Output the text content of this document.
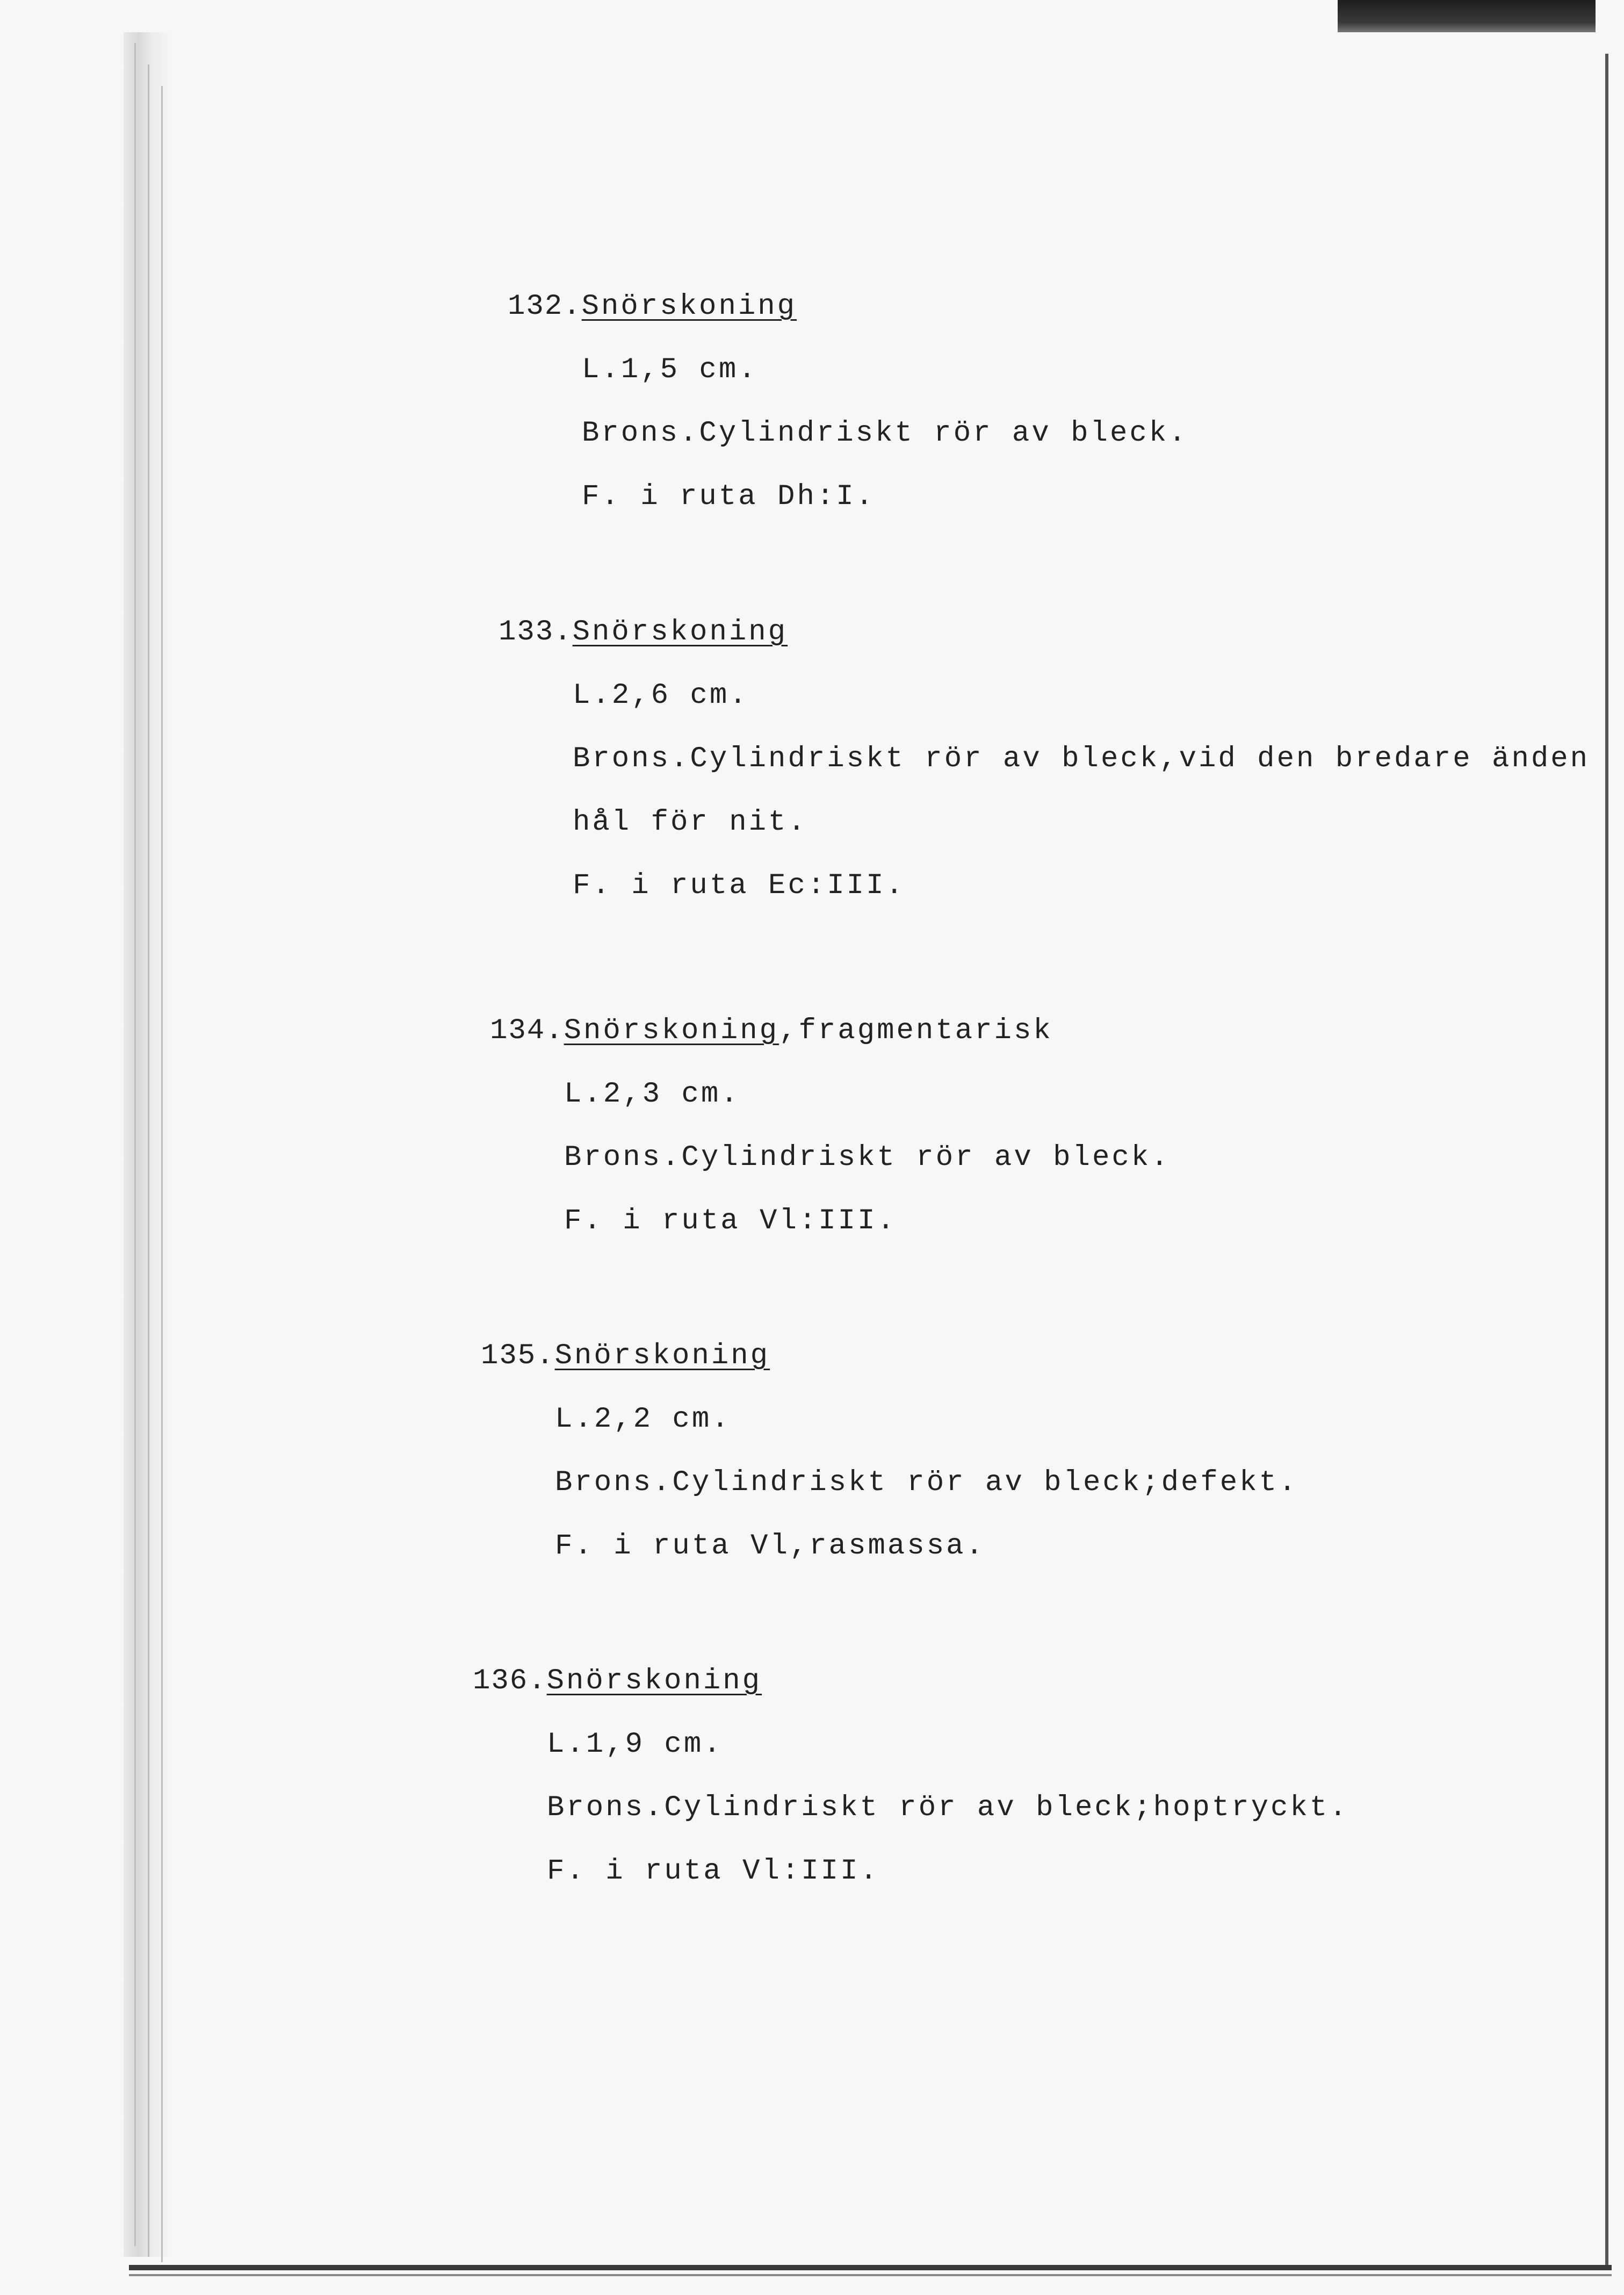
132.Snörskoning
L.1,5 cm.
Brons.Cylindriskt rör av bleck.
F. i ruta Dh:I.
133.Snörskoning
L.2,6 cm.
Brons.Cylindriskt rör av bleck,vid den bredare änden
hål för nit.
F. i ruta Ec:III.
134.Snörskoning,fragmentarisk
L.2,3 cm.
Brons.Cylindriskt rör av bleck.
F. i ruta Vl:III.
135.Snörskoning
L.2,2 cm.
Brons.Cylindriskt rör av bleck;defekt.
F. i ruta Vl,rasmassa.
136.Snörskoning
L.1,9 cm.
Brons.Cylindriskt rör av bleck;hoptryckt.
F. i ruta Vl:III.
